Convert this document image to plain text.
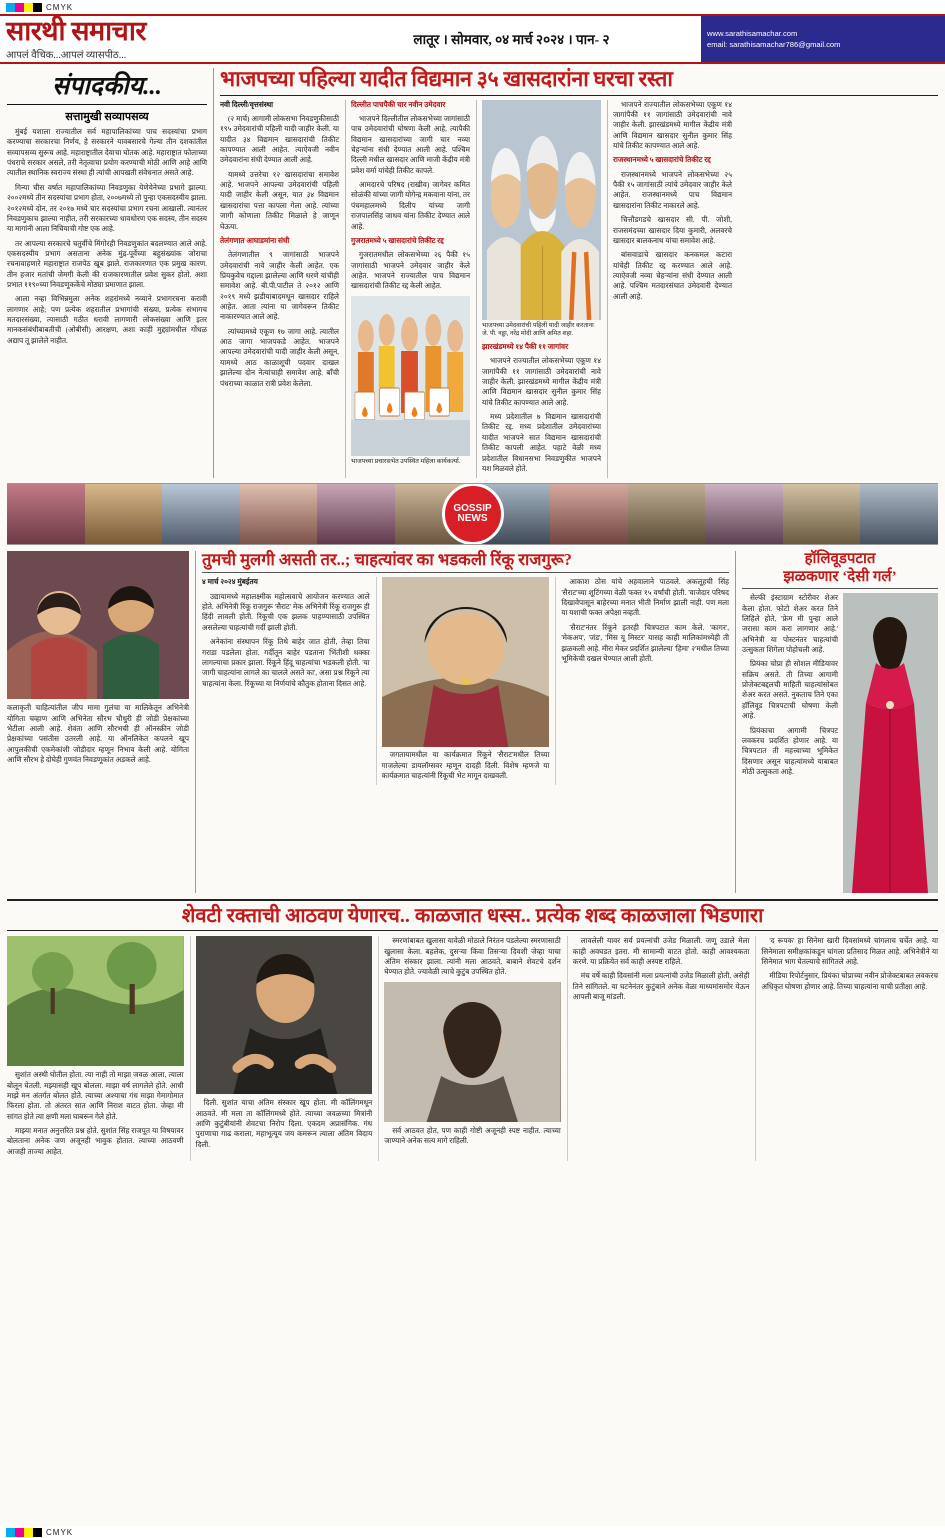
CMYK
सारथी समाचार
आपलं वैचिक...आपलं व्यासपीठ...
लातूर । सोमवार, ०४ मार्च २०२४ । पान- २	www.sarathisamachar.com
email: sarathisamachar786@gmail.com
संपादकीय...
सत्तामुखी सव्यापसव्य

मुंबई यशाला राज्यातील सर्व महापालिकांच्या पाच सदस्यांचा प्रभाग करण्याचा सरकारचा निर्णय, हे सरकारने यावबसारचे गेल्या तीन दशकांतील सव्यापसव्य सुरूच आहे. महाराष्ट्रातील देवाचा घोतक आहे. महाराष्ट्रात फोलाच्या पंधराचे सरकार असले, तरी नेतृत्वाचा प्रयोग करण्याची मोठी आणि आहे आणि त्यातील स्थानिक स्वराज्य संस्था ही त्यांची आपखती संवेधनात असते आहे.

गिन्या चीस वर्षात महापालिकांच्या निवडणुका येणेयेनेच्या प्रभागे झाल्या. २००२मध्ये तीन सदस्यांचा प्रभाग होता, २००७मध्ये तो पुन्हा एकसदस्यीय झाला. २०१२मध्ये दोन, तर २०१७ मध्ये चार सदस्यांचा प्रभाग रचना आखाली. त्यानंतर निवडणुकाच झाल्या नाहीत, तरी सरकारच्या धावधोरण एक सदस्य, तीन सदस्य या मागांनी आला निचियाची गोष्ट एक आहे.

तर आपल्या सरकारचे चतुर्वीचे मिंगोरही निवडणुकांत बदलण्यात आले आहे. एकसदस्यीय प्रभाग असताना अनेक मुंद्र-पूर्वेच्या बहुसंख्यांक जोराचा रचनावाहणारे महाराष्ट्रात राजपेठ खूब झाले. राजकारणात एक प्रमुख कारण. तीन हजार मतांची जेमगी केली की राजकारणातील प्रवेश सुकर होतो. अशा प्रभात ११९०च्या निवडणूककेंचे मोठ्या प्रमाणात झाला.

आला नव्हा विभिन्नमुला अनेक शहरांमध्ये नव्याने प्रभागरचना करावी लागणार आहे; पण प्रत्येक शहरातील प्रभागांची संख्या, प्रत्येक संभागच मतदारसंख्या, त्यासाठी गठीत धरावी लागणारी लोकसंख्या आणि इतर मानकसंबंधीबाबतीची (ओबीसी) आरक्षण, अशा काही मुद्द्यांमधील गोंधळ अद्याप तू झालेले नाहीत.

भाजपच्या पहिल्या यादीत विद्यमान ३५ खासदारांना घरचा रस्ता

नवी दिल्ली/वृत्तसंस्था

(२ मार्च) आगामी लोकसभा निवडणुकीसाठी १९५ उमेदवारांची पहिली यादी जाहीर केली. या यादीत ३४ विद्यमान खासदारांची तिकीट कापण्यात आली आहेत. त्याऐवजी नवीन उमेदवारांना संधी देण्यात आली आहे.

यामध्ये उत्तरेचा १२ खासदारांचा समावेश आहे. भाजपने आपल्या उमेदवारांची पहिली यादी जाहीर केली असून, यात ३४ विद्यमान खासदारांचा पत्ता कापला गेला आहे. त्यांच्या जागी कोणाला तिकीट मिळाले हे जाणून घेऊया.

तेलंगणात आघाडमांना संधी

तेलंगणातील ९ जागांसाठी भाजपने उमेदवारांची नावे जाहीर केली आहेत. एक प्रियकुवेच गद्दाला झालेल्या आणि धरणे यांचीही समावेश आहे. बी.पी.पाटील ते २०१२ आणि २०१९ मध्ये झडीयाबादमधून खासदार राहिले आहेत. आता त्यांना या जागेवरून तिकीट नाकारण्यात आले आहे.

त्यांच्यामध्ये एकूण १७ जागा आहे. त्यातील आठ जागा भाजपकडे आहेत. भाजपने आपल्या उमेदवारांची यादी जाहीर केली असून, यामध्ये आठ काळाशूची पदवार दाखल झालेल्या दोन नेत्यांचाही समावेश आहे. बाँची पंधराच्या काळात रात्री प्रवेश केलेला.

दिल्लीत पाचपैकी चार नवीन उमेदवार

भाजपने दिल्लीतील लोकसभेच्या जागांसाठी पाच उमेदवारांची घोषणा केली आहे, त्यापैकी विद्यमान खासदारांच्या जागी चार नव्या चेहऱ्यांना संधी देण्यात आली आहे. पश्चिम दिल्ली मधील खासदार आणि माजी केंद्रीय मंत्री प्रवेश वर्मा यांचेही तिकीट कापले.

आमदारचे परिषद (राखीव) जागेवर कमित सोळंकी यांच्या जागी योगेन्द्र मकवाना यांना, तर पंचमहालमध्ये दिलीप यांच्या जागी राजपालसिंह जाधव यांना तिकीट देण्यात आले आहे.

गुजरातमध्ये ५ खासदारांचे तिकीट रद्द

गुजरातमधील लोकसभेच्या २६ पैकी १५ जागांसाठी भाजपने उमेदवार जाहीर केले आहेत. भाजपने राज्यातील पाच विद्यमान खासदारांची तिकीट रद्द केली आहेत.

भाजपच्या प्रचारसभेत उपस्थित महिला कार्यकर्त्या.
भाजपच्या उमेदवारांची पहिली यादी जाहीर करताना जे. पी. नड्डा, नरेंद्र मोदी आणि अमित शहा.

झारखंडमध्ये १४ पैकी ११ जागांवर

भाजपने राज्यातील लोकसभेच्या एकूण १४ जागांपैकी ११ जागांसाठी उमेदवारांची नावे जाहीर केली. झारखंडमध्ये मागील केंद्रीय मंत्री आणि विद्यमान खासदार सुनील कुमार सिंह यांचे तिकीट कापण्यात आले आहे.

मध्य प्रदेशातील ७ विद्यमान खासदारांची तिकीट रद्द. मध्य प्रदेशातील उमेदवारांच्या यादीत भाजपने सात विद्यमान खासदारांची तिकीट कापली आहेत. पहाटे वेळी मध्य प्रदेशातील विधानसभा निवडणुकीत भाजपने यश मिळवले होते.

भाजपने राज्यातील लोकसभेच्या एकूण १४ जागांपैकी ११ जागांसाठी उमेदवारांची नावे जाहीर केली. झारखंडमध्ये मागील केंद्रीय मंत्री आणि विद्यमान खासदार सुनील कुमार सिंह यांचे तिकीट कापण्यात आले आहे.

राजस्थानमध्ये ५ खासदारांचे तिकीट रद्द

राजस्थानमध्ये भाजपने लोकसभेच्या २५ पैकी १५ जागांसाठी त्यांचे उमेदवार जाहीर केले आहेत. राजस्थानमध्ये पाच विद्यमान खासदारांना तिकीट नाकारले आहे.

चित्तौडगडचे खासदार सी. पी. जोशी, राजसमंदच्या खासदार दिया कुमारी, अलवरचे खासदार बालकनाथ यांचा समावेश आहे.

बांसवाडाचे खासदार कनकमल कटारा यांचेही तिकीट रद्द करण्यात आले आहे. त्याऐवजी नव्या चेहऱ्यांना संधी देण्यात आली आहे. पश्चिम मतदारसंघात उमेदवारी देण्यात आली आहे.

GOSSIP
NEWS

कलाकृती चाहित्यांतील जीप मामा गुलंचा या मालिकेतून अभिनेत्री योगिता चव्हाण आणि अभिनेता सौरभ चौधुरी ही जोडी प्रेक्षकांच्या भेटीला आली आहे. शेवंता आणि सौरभची ही ऑनस्क्रीन जोडी प्रेक्षकांच्या पसंतीस उतरली आहे. या ऑनलिकेत कपलने खूप आपुलकीची एकमेकांशी जोडीदार म्हणून निभाव केली आहे. योगिता आणि सौरभ हे दोघेही गुणवंत निवडणूकांत अडकले आहे.

तुमची मुलगी असती तर..; चाहत्यांवर का भडकली रिंकू राजगुरू?

४ मार्च २०२४ मुंबईतय

उद्यायामध्ये महालक्ष्मीक महोत्सवाचे आयोजन करण्यात आले होते. अभिनेत्री रिंकू राजगुरू 'सैराट' मेक अभिनेत्री रिंकू राजगुरू ही हिंदी लावली होती. रिंकूची एक झलक पाहण्यासाठी उपस्थित असलेल्या चाहत्यांची गर्दी झाली होती.

अनेकांना संस्थापन रिंकू तिथे बाहेर जात होती, तेव्हा तिचा गराडा पडलेला होता. गर्दीतून बाहेर पडताना भिंतीशी धक्का लागल्याचा प्रकार झाला. रिंकूने हिंदू चाहत्यांचा भडकली होती. 'या जागी चाहत्यांना लागले का चालले असते का', असा प्रश्न रिंकूने त्या चाहत्यांना केला. रिंकूच्या या निर्णयांचे कौतुक होताना दिसत आहे.

जगतायामधील या कार्यक्रमात रिंकूने 'सैराट'मधील तिच्या गाजलेल्या डायलॉग्सवर म्हणून दादही दिली. विशेष म्हणजे या कार्यक्रमात चाहत्यांनी रिंकूची भेट मागून दाखवली.

आकाश ठोस यांचे अहवालाने पाठवले. अकलूहची सिंह 'सैराट'च्या शूटिंगच्या वेळी फक्त १५ वर्षांची होती. 'वाजेदार परिषद दिखावेपासून बाहेरच्या मनात भीती निर्माण झाली नाही. पण मला या यशाची फक्त अपेक्षा नव्हती.

'सैराट'नंतर रिंकूने इतरही चित्रपटात काम केले. 'कागर', 'मेकअप', 'जंड', 'मिस यू मिस्टर' यासह काही मालिकांमध्येही ती झळकली आहे. मीरा मेकर प्रदर्शित झालेल्या 'हिमा' २'मधील तिच्या भूमिकेची दखल घेण्यात आली होती.

हॉलिवूडपटात
झळकणार ‘देसी गर्ल’

सेल्फी इंस्टाग्राम स्टोरीवर शेअर केला होता. फोटो शेअर करत तिने लिहिले होते, 'फ्रेम मी पुन्हा आले जरासा काम करा लागणार आहे.' अभिनेत्री या पोस्टनंतर चाहत्यांची उत्सुकता शिगेला पोहोचली आहे.

प्रियंका चोप्रा ही सोशल मीडियावर सक्रिय असते. ती तिच्या आगामी प्रोजेक्टबद्दलची माहिती चाहत्यांसोबत शेअर करत असते. नुकताच तिने एका हॉलिवूड चित्रपटाची घोषणा केली आहे.

प्रियंकाचा आगामी चित्रपट लवकरच प्रदर्शित होणार आहे. या चित्रपटात ती महत्त्वाच्या भूमिकेत दिसणार असून चाहत्यांमध्ये याबाबत मोठी उत्सुकता आहे.

शेवटी रक्ताची आठवण येणारच.. काळजात धस्स.. प्रत्येक शब्द काळजाला भिडणारा

सुशांत अस्थी घोतील होता. त्या नाही तो माझा जवळ आला, त्याला बोलून घेतली. मझ्यासही खूप बोलला. माझा वर्ष लागलेले होते. आधी माझे मन अंतर्गत बोलत होते. त्याच्या अश्याचा गंध माझा गेमागोमात फिरला होता. तो अंतरत सात आणि निराश वाटत होता. जेव्हा मी सांगत होते त्या क्षणी मला घाबरून गेले होते.

माझ्या मनात अनुत्तरित प्रश्न होते. सुशांत सिंह राजपूत या विषयावर बोलताना अनेक जण अजूनही भावुक होतात. त्याच्या आठवणी आजही ताज्या आहेत.

दिली. सुशांत याचा अंतिम संस्कार खूप होता. मी कॉलिंगमधून आठवते. मी मला ता कॉलिंगमध्ये होते. त्याच्या जवळच्या मित्रांनी आणि कुटुंबीयांनी शेवटचा निरोप दिला. एकदम अप्रासंगिक. गंध पुराणाचा गाढ कराला, महाभूत्यूय जय कमरून त्याला अंतिम विदाय दिली.

स्मरणांबाबत खुलासा यावेळी मोठाले निरंतन पडलेल्या स्मरणासाठी खुलासा केला. बहलेक, दुसऱ्या किंवा तिसऱ्या दिवशी जेव्हा याचा अंतिम संस्कार झाला. त्यांनी मला आठवते, बाबाने शेवटचे दर्शन घेण्यात होते. ज्यावेळी त्याचे कुटुंब उपस्थित होते.

सर्व आठवत होत, पण काही गोष्टी अजूनही स्पष्ट नाहीत. त्याच्या जाण्याने अनेक सत्य मागे राहिली.

लावलेली यावर सर्व प्रयत्नांची उजेड मिळाली. जणू उडाले मेला काही अवघडत इतरा. मी सामान्यी वाटत होतो. काही आवश्यकता करणे. या प्रक्रियेत सर्व काही अस्पष्ट राहिले.

मंच वर्षे काही दिवसांनी मला प्रयत्नांची उजेड मिळाली होती, असेही तिने सांगितले. या घटनेनंतर कुटुंबाने अनेक वेळा माध्यमांसमोर येऊन आपली बाजू मांडली.

'द रूपक' हा सिनेमा खारी दिवसांमध्ये चांगलाच चर्चेत आहे. या सिनेमाला समीक्षकांकडून चांगला प्रतिसाद मिळत आहे. अभिनेत्रीने या सिनेमात भाग घेतल्याचे सांगितले आहे.

मीडिया रिपोर्टनुसार, प्रियंका चोप्राच्या नवीन प्रोजेक्टबाबत लवकरच अधिकृत घोषणा होणार आहे. तिच्या चाहत्यांना याची प्रतीक्षा आहे.

CMYK
